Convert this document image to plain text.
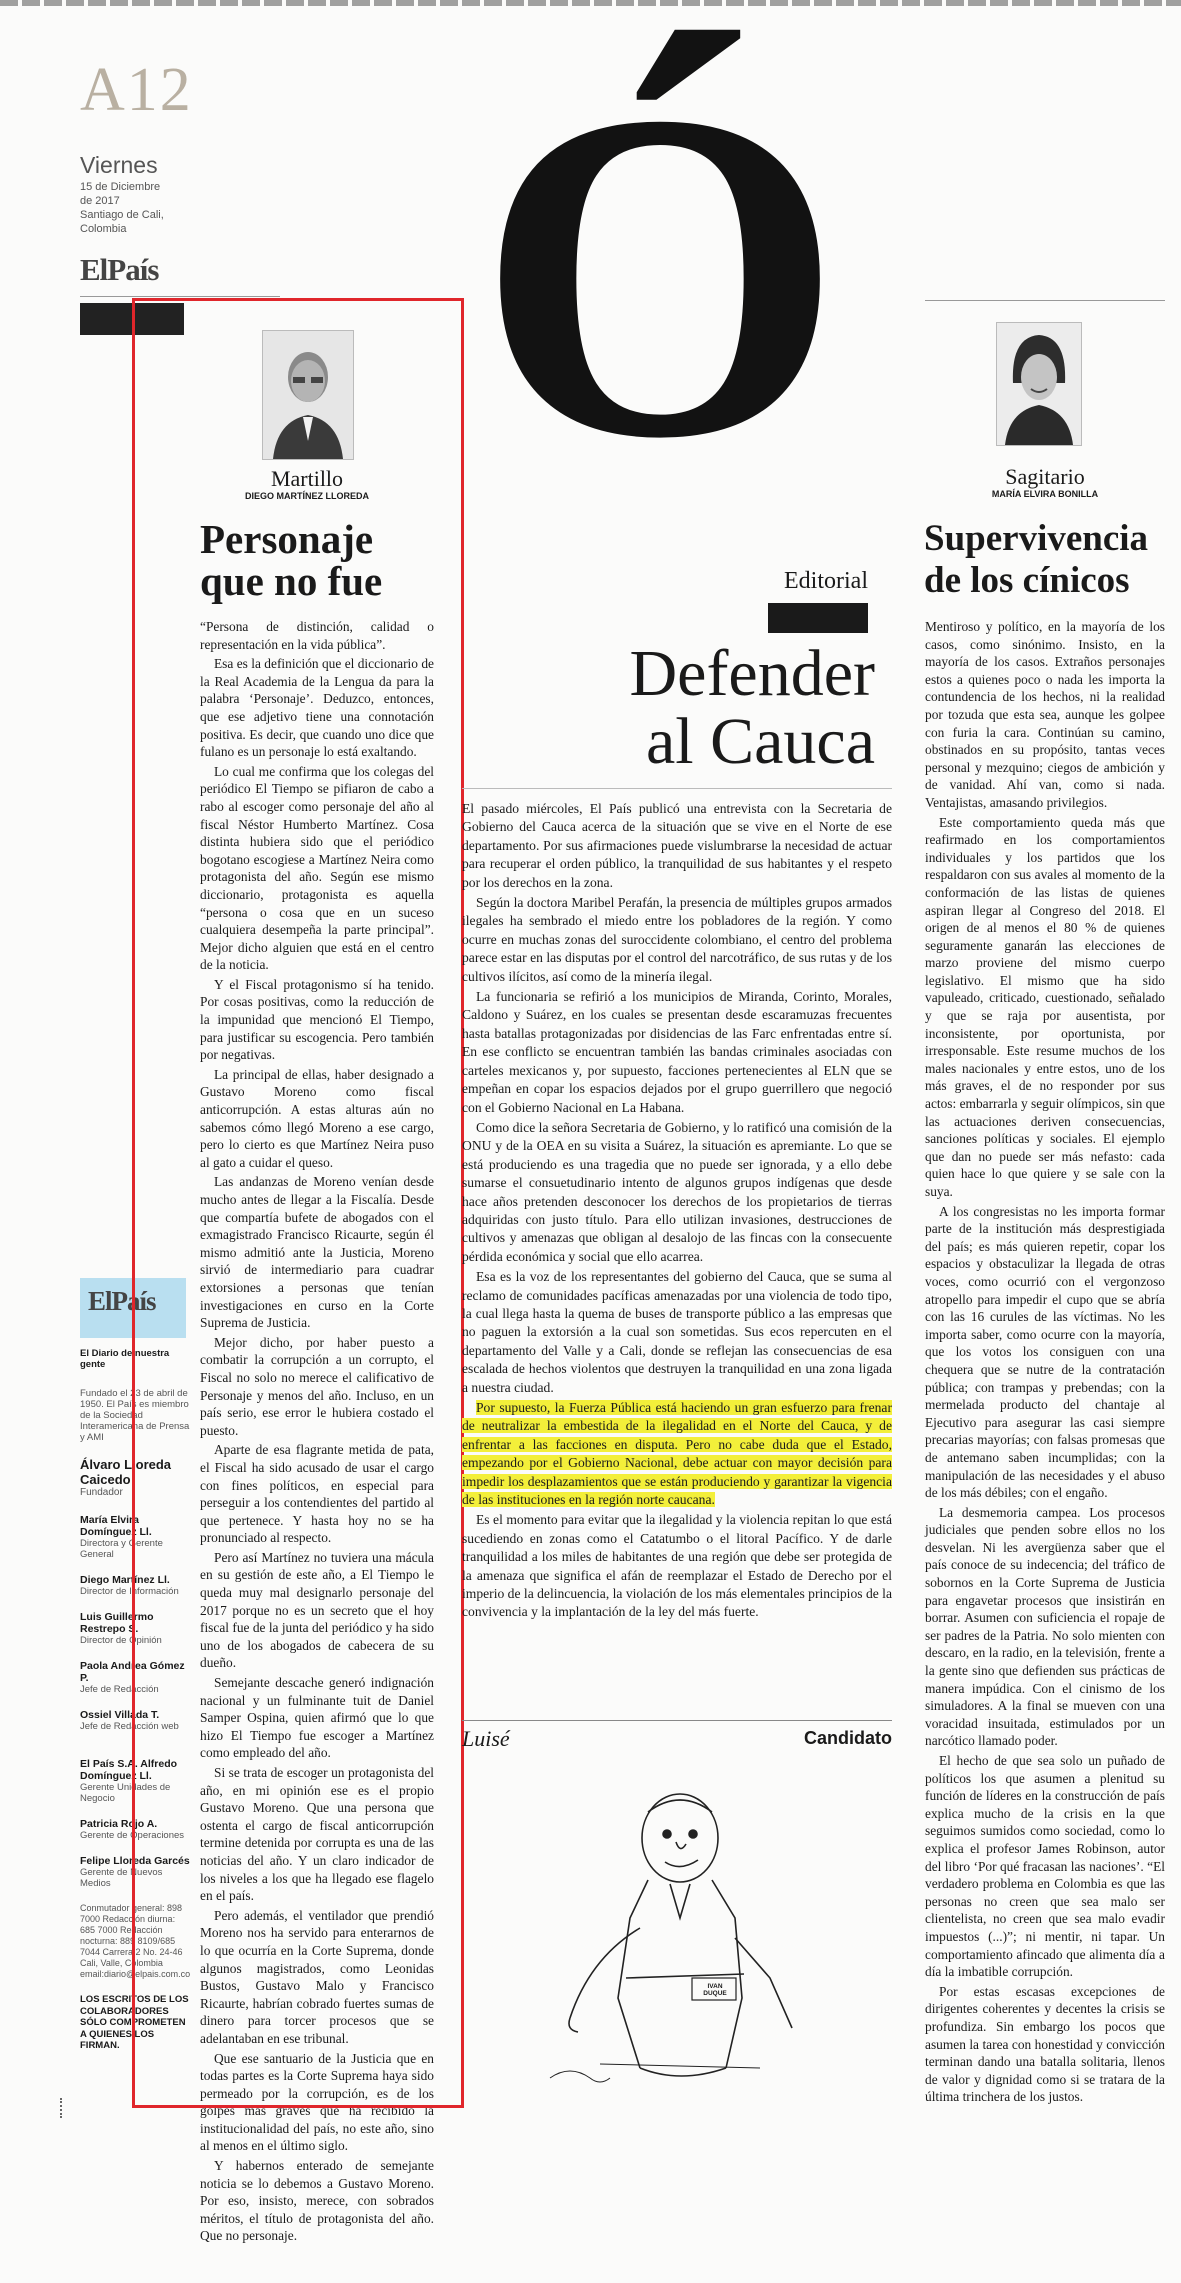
A12
Viernes
15 de Diciembre
de 2017
Santiago de Cali,
Colombia
ElPaís
ElPaís
El Diario de nuestra gente
Fundado el 23 de abril de 1950. El País es miembro de la Sociedad Interamericana de Prensa y AMI
Álvaro Lloreda Caicedo
Fundador
María Elvira Domínguez Ll.
Directora y Gerente General
Diego Martínez Ll.
Director de Información
Luis Guillermo Restrepo S.
Director de Opinión
Paola Andrea Gómez P.
Jefe de Redacción
Ossiel Villada T.
Jefe de Redacción web
El País S.A. Alfredo Domínguez Ll.
Gerente Unidades de Negocio
Patricia Rojo A.
Gerente de Operaciones
Felipe Lloreda Garcés
Gerente de Nuevos Medios
Conmutador general: 898 7000 Redacción diurna: 685 7000 Redacción nocturna: 889 8109/685 7044 Carrera 2 No. 24-46 Cali, Valle, Colombia email:diario@elpais.com.co
LOS ESCRITOS DE LOS COLABORADORES SÓLO COMPROMETEN A QUIENES LOS FIRMAN.
Martillo
DIEGO MARTÍNEZ LLOREDA
Personaje
que no fue

“Persona de distinción, calidad o representación en la vida pública”.

Esa es la definición que el diccionario de la Real Academia de la Lengua da para la palabra ‘Personaje’. Deduzco, entonces, que ese adjetivo tiene una connotación positiva. Es decir, que cuando uno dice que fulano es un personaje lo está exaltando.

Lo cual me confirma que los colegas del periódico El Tiempo se pifiaron de cabo a rabo al escoger como personaje del año al fiscal Néstor Humberto Martínez. Cosa distinta hubiera sido que el periódico bogotano escogiese a Martínez Neira como protagonista del año. Según ese mismo diccionario, protagonista es aquella “persona o cosa que en un suceso cualquiera desempeña la parte principal”. Mejor dicho alguien que está en el centro de la noticia.

Y el Fiscal protagonismo sí ha tenido. Por cosas positivas, como la reducción de la impunidad que mencionó El Tiempo, para justificar su escogencia. Pero también por negativas.

La principal de ellas, haber designado a Gustavo Moreno como fiscal anticorrupción. A estas alturas aún no sabemos cómo llegó Moreno a ese cargo, pero lo cierto es que Martínez Neira puso al gato a cuidar el queso.

Las andanzas de Moreno venían desde mucho antes de llegar a la Fiscalía. Desde que compartía bufete de abogados con el exmagistrado Francisco Ricaurte, según él mismo admitió ante la Justicia, Moreno sirvió de intermediario para cuadrar extorsiones a personas que tenían investigaciones en curso en la Corte Suprema de Justicia.

Mejor dicho, por haber puesto a combatir la corrupción a un corrupto, el Fiscal no solo no merece el calificativo de Personaje y menos del año. Incluso, en un país serio, ese error le hubiera costado el puesto.

Aparte de esa flagrante metida de pata, el Fiscal ha sido acusado de usar el cargo con fines políticos, en especial para perseguir a los contendientes del partido al que pertenece. Y hasta hoy no se ha pronunciado al respecto.

Pero así Martínez no tuviera una mácula en su gestión de este año, a El Tiempo le queda muy mal designarlo personaje del 2017 porque no es un secreto que el hoy fiscal fue de la junta del periódico y ha sido uno de los abogados de cabecera de su dueño.

Semejante descache generó indignación nacional y un fulminante tuit de Daniel Samper Ospina, quien afirmó que lo que hizo El Tiempo fue escoger a Martínez como empleado del año.

Si se trata de escoger un protagonista del año, en mi opinión ese es el propio Gustavo Moreno. Que una persona que ostenta el cargo de fiscal anticorrupción termine detenida por corrupta es una de las noticias del año. Y un claro indicador de los niveles a los que ha llegado ese flagelo en el país.

Pero además, el ventilador que prendió Moreno nos ha servido para enterarnos de lo que ocurría en la Corte Suprema, donde algunos magistrados, como Leonidas Bustos, Gustavo Malo y Francisco Ricaurte, habrían cobrado fuertes sumas de dinero para torcer procesos que se adelantaban en ese tribunal.

Que ese santuario de la Justicia que en todas partes es la Corte Suprema haya sido permeado por la corrupción, es de los golpes más graves que ha recibido la institucionalidad del país, no este año, sino al menos en el último siglo.

Y habernos enterado de semejante noticia se lo debemos a Gustavo Moreno. Por eso, insisto, merece, con sobrados méritos, el título de protagonista del año. Que no personaje.

Ó
Editorial
Defender
al Cauca

El pasado miércoles, El País publicó una entrevista con la Secretaria de Gobierno del Cauca acerca de la situación que se vive en el Norte de ese departamento. Por sus afirmaciones puede vislumbrarse la necesidad de actuar para recuperar el orden público, la tranquilidad de sus habitantes y el respeto por los derechos en la zona.

Según la doctora Maribel Perafán, la presencia de múltiples grupos armados ilegales ha sembrado el miedo entre los pobladores de la región. Y como ocurre en muchas zonas del suroccidente colombiano, el centro del problema parece estar en las disputas por el control del narcotráfico, de sus rutas y de los cultivos ilícitos, así como de la minería ilegal.

La funcionaria se refirió a los municipios de Miranda, Corinto, Morales, Caldono y Suárez, en los cuales se presentan desde escaramuzas frecuentes hasta batallas protagonizadas por disidencias de las Farc enfrentadas entre sí. En ese conflicto se encuentran también las bandas criminales asociadas con carteles mexicanos y, por supuesto, facciones pertenecientes al ELN que se empeñan en copar los espacios dejados por el grupo guerrillero que negoció con el Gobierno Nacional en La Habana.

Como dice la señora Secretaria de Gobierno, y lo ratificó una comisión de la ONU y de la OEA en su visita a Suárez, la situación es apremiante. Lo que se está produciendo es una tragedia que no puede ser ignorada, y a ello debe sumarse el consuetudinario intento de algunos grupos indígenas que desde hace años pretenden desconocer los derechos de los propietarios de tierras adquiridas con justo título. Para ello utilizan invasiones, destrucciones de cultivos y amenazas que obligan al desalojo de las fincas con la consecuente pérdida económica y social que ello acarrea.

Esa es la voz de los representantes del gobierno del Cauca, que se suma al reclamo de comunidades pacíficas amenazadas por una violencia de todo tipo, la cual llega hasta la quema de buses de transporte público a las empresas que no paguen la extorsión a la cual son sometidas. Sus ecos repercuten en el departamento del Valle y a Cali, donde se reflejan las consecuencias de esa escalada de hechos violentos que destruyen la tranquilidad en una zona ligada a nuestra ciudad.

Por supuesto, la Fuerza Pública está haciendo un gran esfuerzo para frenar de neutralizar la embestida de la ilegalidad en el Norte del Cauca, y de enfrentar a las facciones en disputa. Pero no cabe duda que el Estado, empezando por el Gobierno Nacional, debe actuar con mayor decisión para impedir los desplazamientos que se están produciendo y garantizar la vigencia de las instituciones en la región norte caucana.

Es el momento para evitar que la ilegalidad y la violencia repitan lo que está sucediendo en zonas como el Catatumbo o el litoral Pacífico. Y de darle tranquilidad a los miles de habitantes de una región que debe ser protegida de la amenaza que significa el afán de reemplazar el Estado de Derecho por el imperio de la delincuencia, la violación de los más elementales principios de la convivencia y la implantación de la ley del más fuerte.

Luisé	Candidato
IVAN DUQUE
Sagitario
MARÍA ELVIRA BONILLA
Supervivencia
de los cínicos

Mentiroso y político, en la mayoría de los casos, como sinónimo. Insisto, en la mayoría de los casos. Extraños personajes estos a quienes poco o nada les importa la contundencia de los hechos, ni la realidad por tozuda que esta sea, aunque les golpee con furia la cara. Continúan su camino, obstinados en su propósito, tantas veces personal y mezquino; ciegos de ambición y de vanidad. Ahí van, como si nada. Ventajistas, amasando privilegios.

Este comportamiento queda más que reafirmado en los comportamientos individuales y los partidos que los respaldaron con sus avales al momento de la conformación de las listas de quienes aspiran llegar al Congreso del 2018. El origen de al menos el 80 % de quienes seguramente ganarán las elecciones de marzo proviene del mismo cuerpo legislativo. El mismo que ha sido vapuleado, criticado, cuestionado, señalado y que se raja por ausentista, por inconsistente, por oportunista, por irresponsable. Este resume muchos de los males nacionales y entre estos, uno de los más graves, el de no responder por sus actos: embarrarla y seguir olímpicos, sin que las actuaciones deriven consecuencias, sanciones políticas y sociales. El ejemplo que dan no puede ser más nefasto: cada quien hace lo que quiere y se sale con la suya.

A los congresistas no les importa formar parte de la institución más desprestigiada del país; es más quieren repetir, copar los espacios y obstaculizar la llegada de otras voces, como ocurrió con el vergonzoso atropello para impedir el cupo que se abría con las 16 curules de las víctimas. No les importa saber, como ocurre con la mayoría, que los votos los consiguen con una chequera que se nutre de la contratación pública; con trampas y prebendas; con la mermelada producto del chantaje al Ejecutivo para asegurar las casi siempre precarias mayorías; con falsas promesas que de antemano saben incumplidas; con la manipulación de las necesidades y el abuso de los más débiles; con el engaño.

La desmemoria campea. Los procesos judiciales que penden sobre ellos no los desvelan. Ni les avergüenza saber que el país conoce de su indecencia; del tráfico de sobornos en la Corte Suprema de Justicia para engavetar procesos que insistirán en borrar. Asumen con suficiencia el ropaje de ser padres de la Patria. No solo mienten con descaro, en la radio, en la televisión, frente a la gente sino que defienden sus prácticas de manera impúdica. Con el cinismo de los simuladores. A la final se mueven con una voracidad insuitada, estimulados por un narcótico llamado poder.

El hecho de que sea solo un puñado de políticos los que asumen a plenitud su función de líderes en la construcción de país explica mucho de la crisis en la que seguimos sumidos como sociedad, como lo explica el profesor James Robinson, autor del libro ‘Por qué fracasan las naciones’. “El verdadero problema en Colombia es que las personas no creen que sea malo ser clientelista, no creen que sea malo evadir impuestos (...)”; ni mentir, ni tapar. Un comportamiento afincado que alimenta día a día la imbatible corrupción.

Por estas escasas excepciones de dirigentes coherentes y decentes la crisis se profundiza. Sin embargo los pocos que asumen la tarea con honestidad y convicción terminan dando una batalla solitaria, llenos de valor y dignidad como si se tratara de la última trinchera de los justos.
